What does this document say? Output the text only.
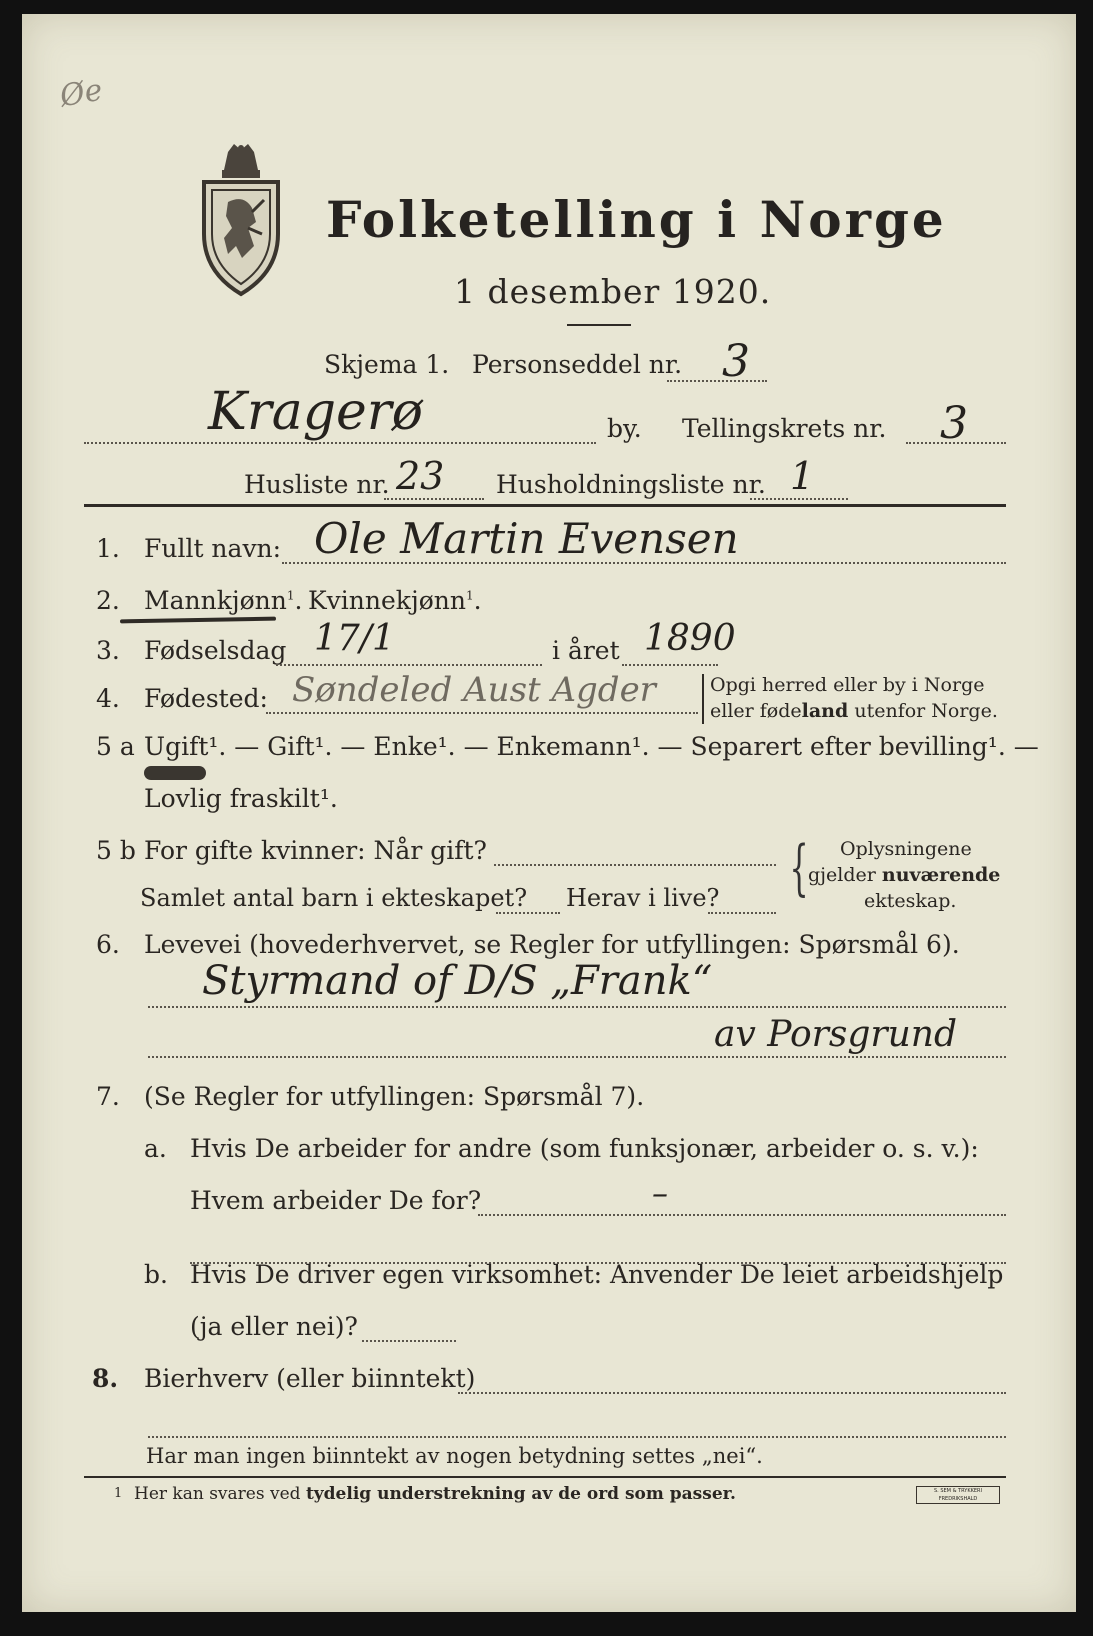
Øe
Folketelling i Norge
1 desember 1920.
Skjema 1. Personseddel nr. 3
Kragerø	by. Tellingskrets nr. 3
Husliste nr. 23 Husholdningsliste nr. 1
1. Fullt navn: Ole Martin Evensen
2. Mannkjønn$^1$. Kvinnekjønn$^1$.
3. Fødselsdag 17/1	i året 1890
4. Fødested: Søndeled Aust Agder	Opgi herred eller by i Norge
eller fødeland utenfor Norge.
5 a Ugift¹. — Gift¹. — Enke¹. — Enkemann¹. — Separert efter bevilling¹. —
Lovlig fraskilt¹.
5 b For gifte kvinner: Når gift?
Samlet antal barn i ekteskapet? Herav i live? { Oplysningene
gjelder nuværende
ekteskap.
6. Levevei (hovederhvervet, se Regler for utfyllingen: Spørsmål 6).
Styrmand of D/S „Frank“
av Porsgrund
7. (Se Regler for utfyllingen: Spørsmål 7).
a. Hvis De arbeider for andre (som funksjonær, arbeider o. s. v.):
Hvem arbeider De for?	–
b. Hvis De driver egen virksomhet: Anvender De leiet arbeidshjelp
(ja eller nei)?
8. Bierhverv (eller biinntekt)
Har man ingen biinntekt av nogen betydning settes „nei“.
1 Her kan svares ved tydelig understrekning av de ord som passer.	S. SEM & TRYKKERI FREDRIKSHALD
